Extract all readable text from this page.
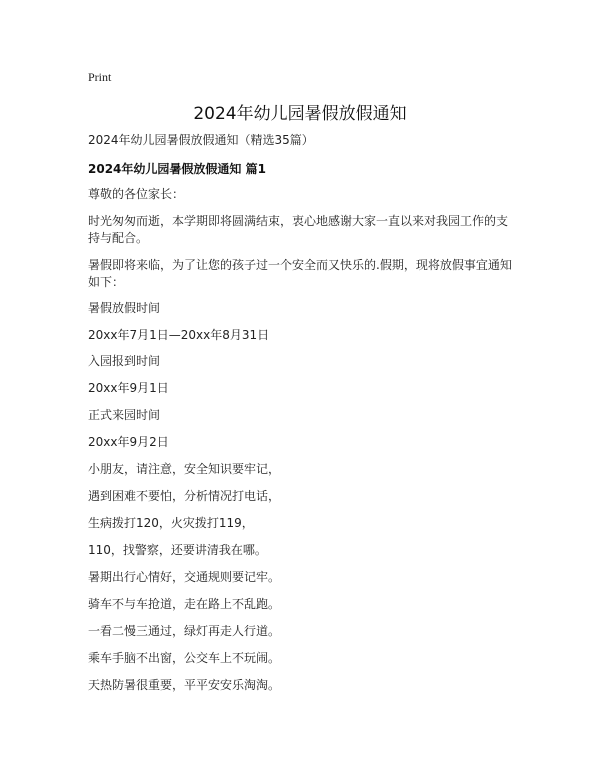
Print
2024年幼儿园暑假放假通知
2024年幼儿园暑假放假通知（精选35篇）
2024年幼儿园暑假放假通知 篇1

尊敬的各位家长：

时光匆匆而逝，本学期即将圆满结束，衷心地感谢大家一直以来对我园工作的支持与配合。

暑假即将来临，为了让您的孩子过一个安全而又快乐的.假期，现将放假事宜通知如下：

暑假放假时间

20xx年7月1日—20xx年8月31日

入园报到时间

20xx年9月1日

正式来园时间

20xx年9月2日

小朋友，请注意，安全知识要牢记，

遇到困难不要怕，分析情况打电话，

生病拨打120，火灾拨打119，

110，找警察，还要讲清我在哪。

暑期出行心情好，交通规则要记牢。

骑车不与车抢道，走在路上不乱跑。

一看二慢三通过，绿灯再走人行道。

乘车手脑不出窗，公交车上不玩闹。

天热防暑很重要，平平安安乐淘淘。
